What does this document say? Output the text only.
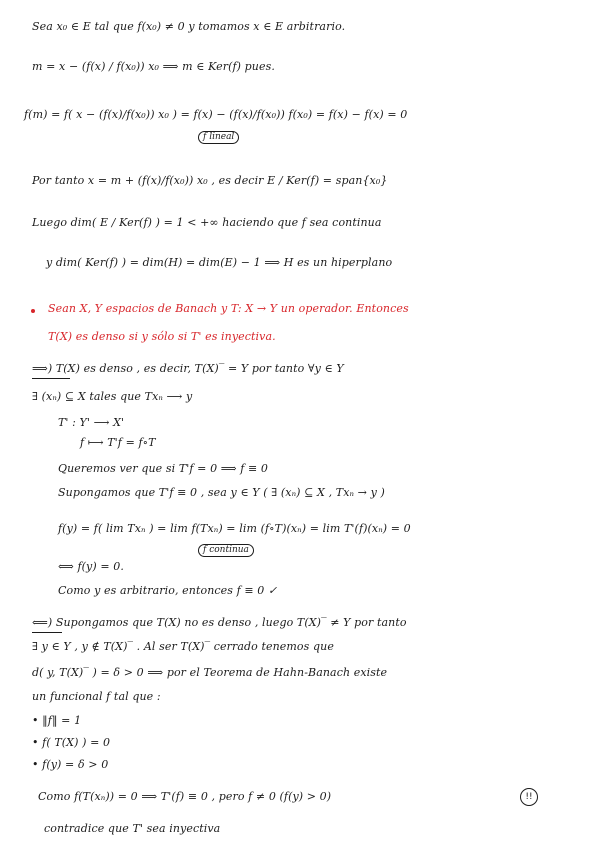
Sea x₀ ∈ E tal que f(x₀) ≠ 0 y tomamos x ∈ E arbitrario.
m = x − (f(x) / f(x₀)) x₀ ⟹ m ∈ Ker(f) pues.
f(m) = f( x − (f(x)/f(x₀)) x₀ ) = f(x) − (f(x)/f(x₀)) f(x₀) = f(x) − f(x) = 0
f lineal
Por tanto x = m + (f(x)/f(x₀)) x₀ , es decir E / Ker(f) = span{x₀}
Luego dim( E / Ker(f) ) = 1 < +∞ haciendo que f sea continua
y dim( Ker(f) ) = dim(H) = dim(E) − 1 ⟹ H es un hiperplano
Sean X, Y espacios de Banach y T: X → Y un operador. Entonces
T(X) es denso si y sólo si T' es inyectiva.
⟹) T(X) es denso , es decir, T(X)‾ = Y por tanto ∀y ∈ Y
∃ (xₙ) ⊆ X tales que Txₙ ⟶ y
T' : Y' ⟶ X'
f ⟼ T'f = f∘T
Queremos ver que si T'f = 0 ⟹ f ≡ 0
Supongamos que T'f ≡ 0 , sea y ∈ Y ( ∃ (xₙ) ⊆ X , Txₙ → y )
f(y) = f( lim Txₙ ) = lim f(Txₙ) = lim (f∘T)(xₙ) = lim T'(f)(xₙ) = 0
f continua
⟺ f(y) = 0.
Como y es arbitrario, entonces f ≡ 0 ✓
⟸) Supongamos que T(X) no es denso , luego T(X)‾ ≠ Y por tanto
∃ y ∈ Y , y ∉ T(X)‾ . Al ser T(X)‾ cerrado tenemos que
d( y, T(X)‾ ) = δ > 0 ⟹ por el Teorema de Hahn-Banach existe
un funcional f tal que :
• ‖f‖ = 1
• f( T(X) ) = 0
• f(y) = δ > 0
Como f(T(xₙ)) = 0 ⟹ T'(f) ≡ 0 , pero f ≠ 0 (f(y) > 0)	!!
contradice que T' sea inyectiva
